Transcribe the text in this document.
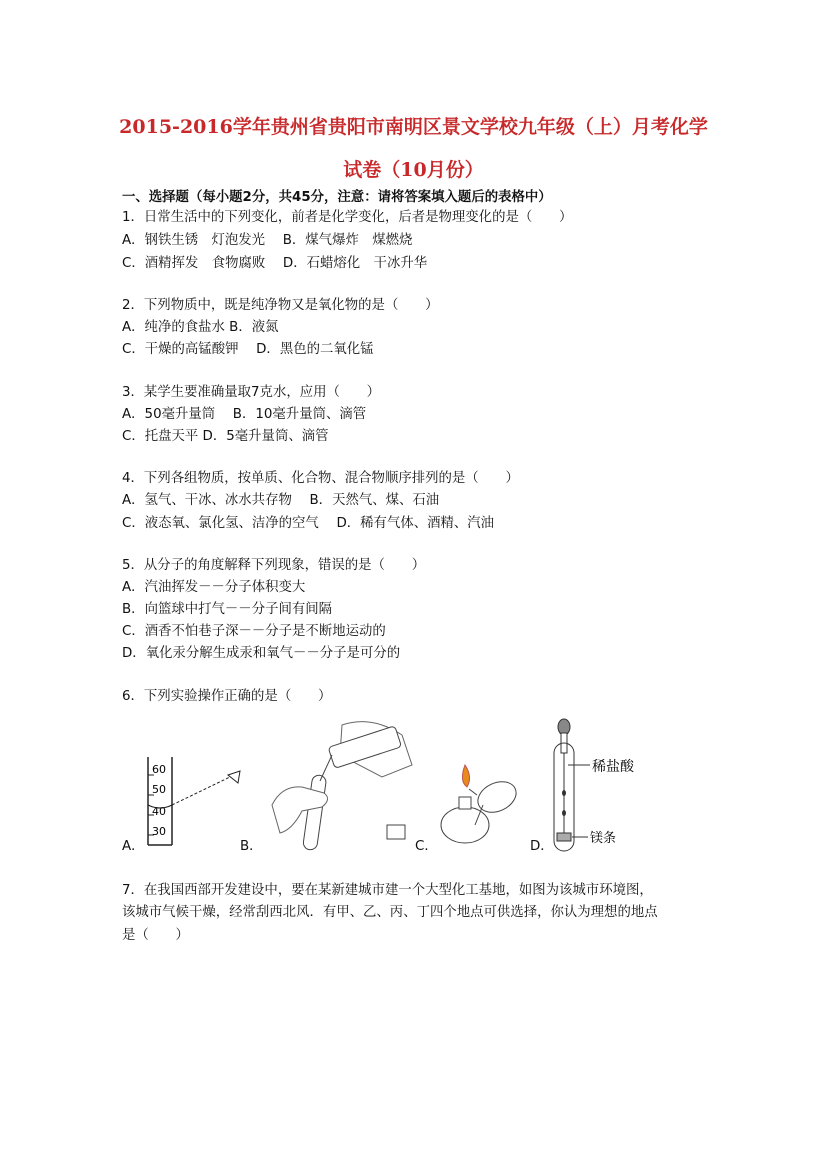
2015-2016学年贵州省贵阳市南明区景文学校九年级（上）月考化学
试卷（10月份）
一、选择题（每小题2分，共45分，注意：请将答案填入题后的表格中）
1．日常生活中的下列变化，前者是化学变化，后者是物理变化的是（　　）
A．钢铁生锈　灯泡发光　 B．煤气爆炸　煤燃烧
C．酒精挥发　食物腐败　 D．石蜡熔化　干冰升华
2．下列物质中，既是纯净物又是氧化物的是（　　）
A．纯净的食盐水 B．液氮
C．干燥的高锰酸钾　 D．黑色的二氧化锰
3．某学生要准确量取7克水，应用（　　）
A．50毫升量筒　 B．10毫升量筒、滴管
C．托盘天平 D．5毫升量筒、滴管
4．下列各组物质，按单质、化合物、混合物顺序排列的是（　　）
A．氢气、干冰、冰水共存物　 B．天然气、煤、石油
C．液态氧、氯化氢、洁净的空气　 D．稀有气体、酒精、汽油
5．从分子的角度解释下列现象，错误的是（　　）
A．汽油挥发－－分子体积变大
B．向篮球中打气－－分子间有间隔
C．酒香不怕巷子深－－分子是不断地运动的
D．氧化汞分解生成汞和氧气－－分子是可分的
6．下列实验操作正确的是（　　）
A．
60
50
40
30
B．	C．	D．
稀盐酸
镁条
7．在我国西部开发建设中，要在某新建城市建一个大型化工基地，如图为该城市环境图，
该城市气候干燥，经常刮西北风．有甲、乙、丙、丁四个地点可供选择，你认为理想的地点
是（　　）
